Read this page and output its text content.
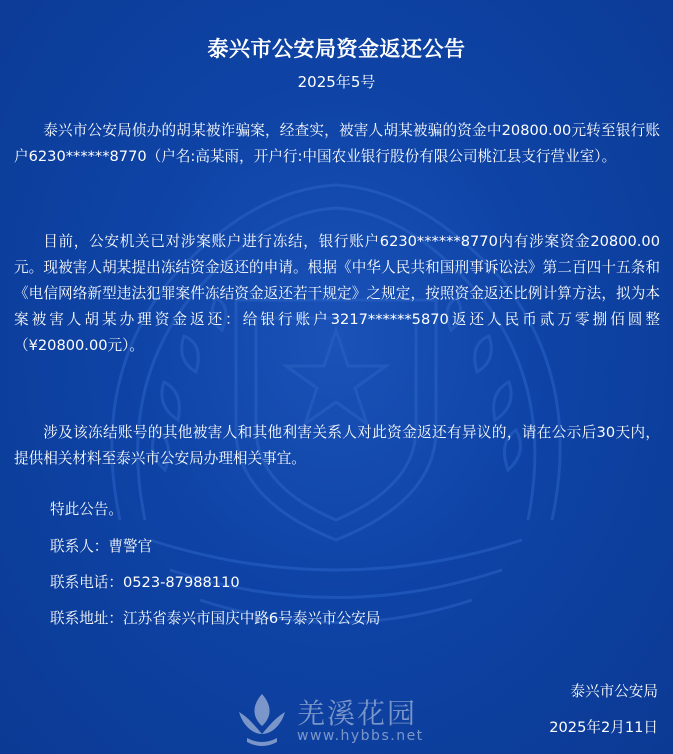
泰兴市公安局资金返还公告
2025年5号

泰兴市公安局侦办的胡某被诈骗案，经查实，被害人胡某被骗的资金中20800.00元转至银行账户6230******8770（户名:高某雨，开户行:中国农业银行股份有限公司桃江县支行营业室）。

目前，公安机关已对涉案账户进行冻结，银行账户6230******8770内有涉案资金20800.00元。现被害人胡某提出冻结资金返还的申请。根据《中华人民共和国刑事诉讼法》第二百四十五条和《电信网络新型违法犯罪案件冻结资金返还若干规定》之规定，按照资金返还比例计算方法，拟为本案被害人胡某办理资金返还：给银行账户3217******5870返还人民币贰万零捌佰圆整（¥20800.00元）。

涉及该冻结账号的其他被害人和其他利害关系人对此资金返还有异议的，请在公示后30天内，提供相关材料至泰兴市公安局办理相关事宜。

特此公告。
联系人：曹警官
联系电话：0523-87988110
联系地址：江苏省泰兴市国庆中路6号泰兴市公安局
泰兴市公安局
2025年2月11日
羌溪花园
www.hybbs.net
